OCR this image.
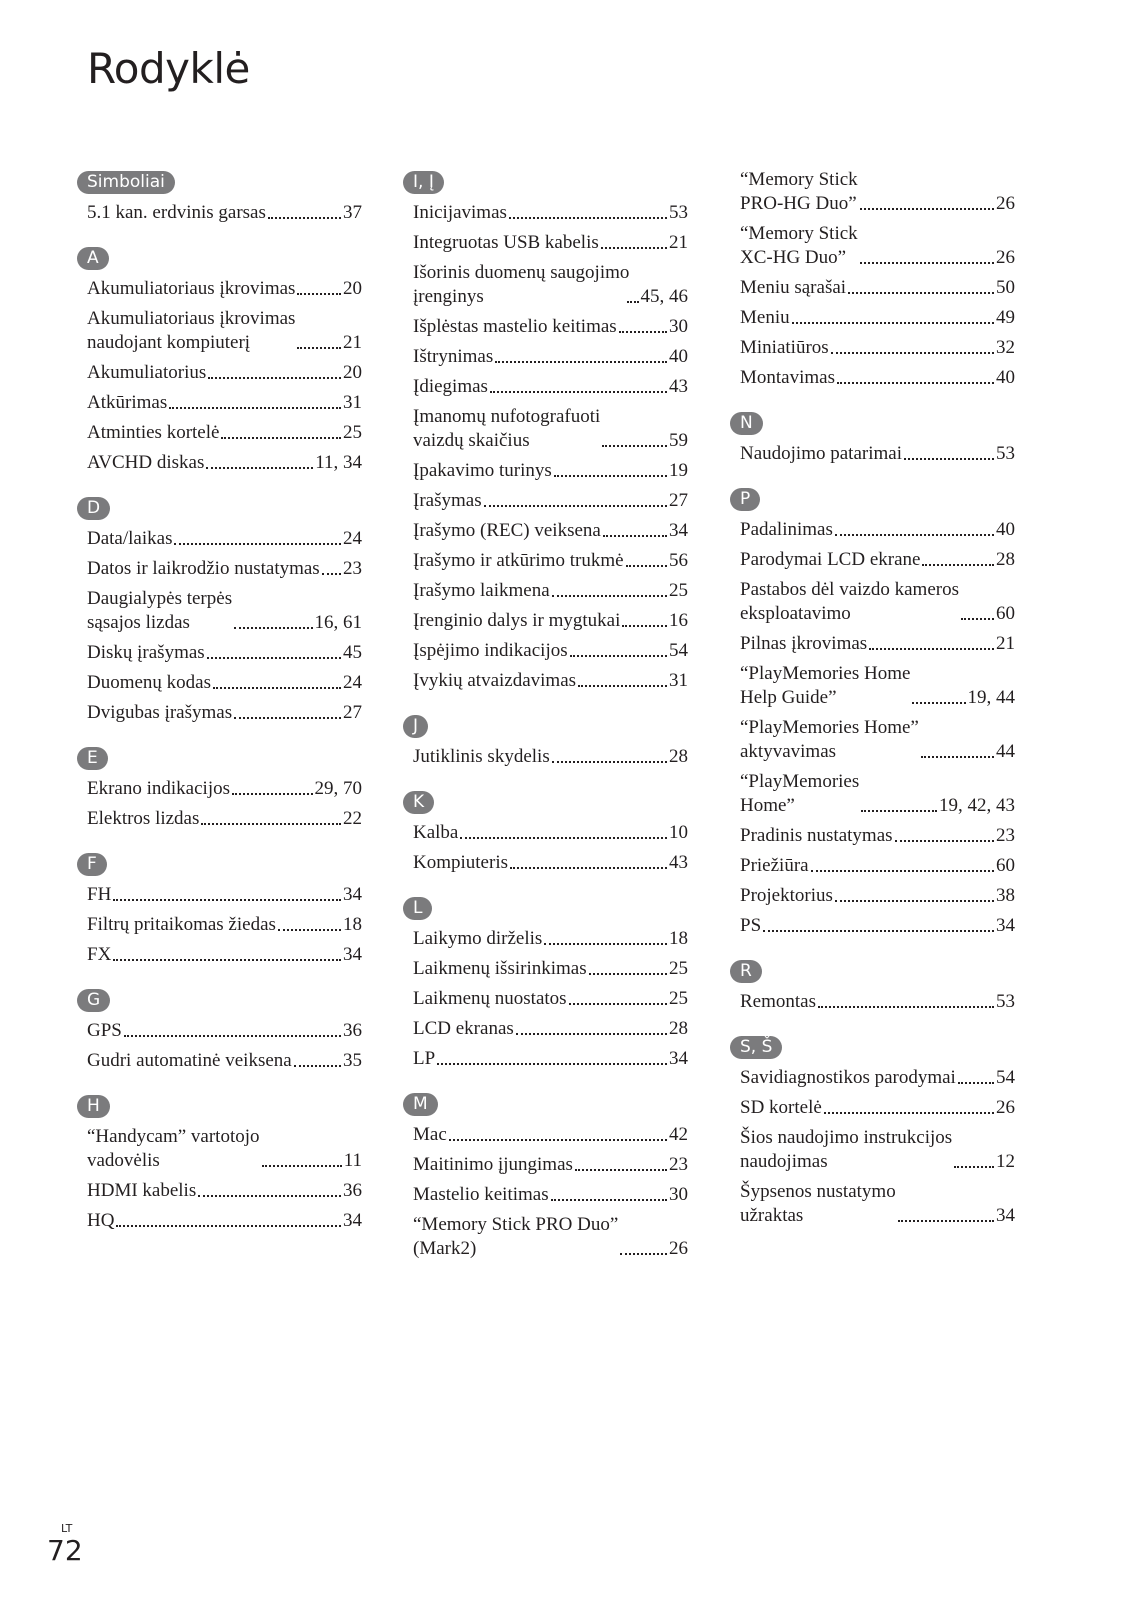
Rodyklė
Simboliai
5.1 kan. erdvinis garsas	37
A
Akumuliatoriaus įkrovimas	20
Akumuliatoriaus įkrovimas
naudojant kompiuterį	21
Akumuliatorius	20
Atkūrimas	31
Atminties kortelė	25
AVCHD diskas	11, 34
D
Data/laikas	24
Datos ir laikrodžio nustatymas 23
Daugialypės terpės
sąsajos lizdas	16, 61
Diskų įrašymas	45
Duomenų kodas	24
Dvigubas įrašymas	27
E
Ekrano indikacijos	29, 70
Elektros lizdas	22
F
FH	34
Filtrų pritaikomas žiedas	18
FX	34
G
GPS	36
Gudri automatinė veiksena	35
H
“Handycam” vartotojo
vadovėlis	11
HDMI kabelis	36
HQ	34
I, Į
Inicijavimas	53
Integruotas USB kabelis	21
Išorinis duomenų saugojimo
įrenginys	45, 46
Išplėstas mastelio keitimas	30
Ištrynimas	40
Įdiegimas	43
Įmanomų nufotografuoti
vaizdų skaičius	59
Įpakavimo turinys	19
Įrašymas	27
Įrašymo (REC) veiksena	34
Įrašymo ir atkūrimo trukmė 56
Įrašymo laikmena	25
Įrenginio dalys ir mygtukai	16
Įspėjimo indikacijos	54
Įvykių atvaizdavimas	31
J
Jutiklinis skydelis	28
K
Kalba	10
Kompiuteris	43
L
Laikymo dirželis	18
Laikmenų išsirinkimas	25
Laikmenų nuostatos	25
LCD ekranas	28
LP	34
M
Mac	42
Maitinimo įjungimas	23
Mastelio keitimas	30
“Memory Stick PRO Duo”
(Mark2)	26
“Memory Stick
PRO-HG Duo”	26
“Memory Stick
XC-HG Duo”	26
Meniu sąrašai	50
Meniu	49
Miniatiūros	32
Montavimas	40
N
Naudojimo patarimai	53
P
Padalinimas	40
Parodymai LCD ekrane	28
Pastabos dėl vaizdo kameros
eksploatavimo	60
Pilnas įkrovimas	21
“PlayMemories Home
Help Guide”	19, 44
“PlayMemories Home”
aktyvavimas	44
“PlayMemories
Home”	19, 42, 43
Pradinis nustatymas	23
Priežiūra	60
Projektorius	38
PS	34
R
Remontas	53
S, Š
Savidiagnostikos parodymai 54
SD kortelė	26
Šios naudojimo instrukcijos
naudojimas	12
Šypsenos nustatymo
užraktas	34
LT
72
